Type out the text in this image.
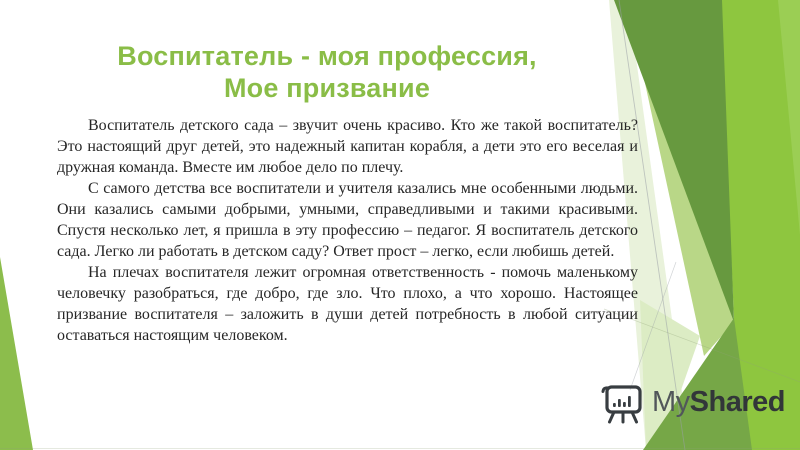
Воспитатель - моя профессия,
Мое призвание

Воспитатель детского сада – звучит очень красиво. Кто же такой воспитатель? Это настоящий друг детей, это надежный капитан корабля, а дети это его веселая и дружная команда. Вместе им любое дело по плечу.

С самого детства все воспитатели и учителя казались мне особенными людьми. Они казались самыми добрыми, умными, справедливыми и такими красивыми. Спустя несколько лет, я пришла в эту профессию – педагог. Я воспитатель детского сада. Легко ли работать в детском саду? Ответ прост – легко, если любишь детей.

На плечах воспитателя лежит огромная ответственность - помочь маленькому человечку разобраться, где добро, где зло. Что плохо, а что хорошо. Настоящее призвание воспитателя – заложить в души детей потребность в любой ситуации оставаться настоящим человеком.

MyShared
